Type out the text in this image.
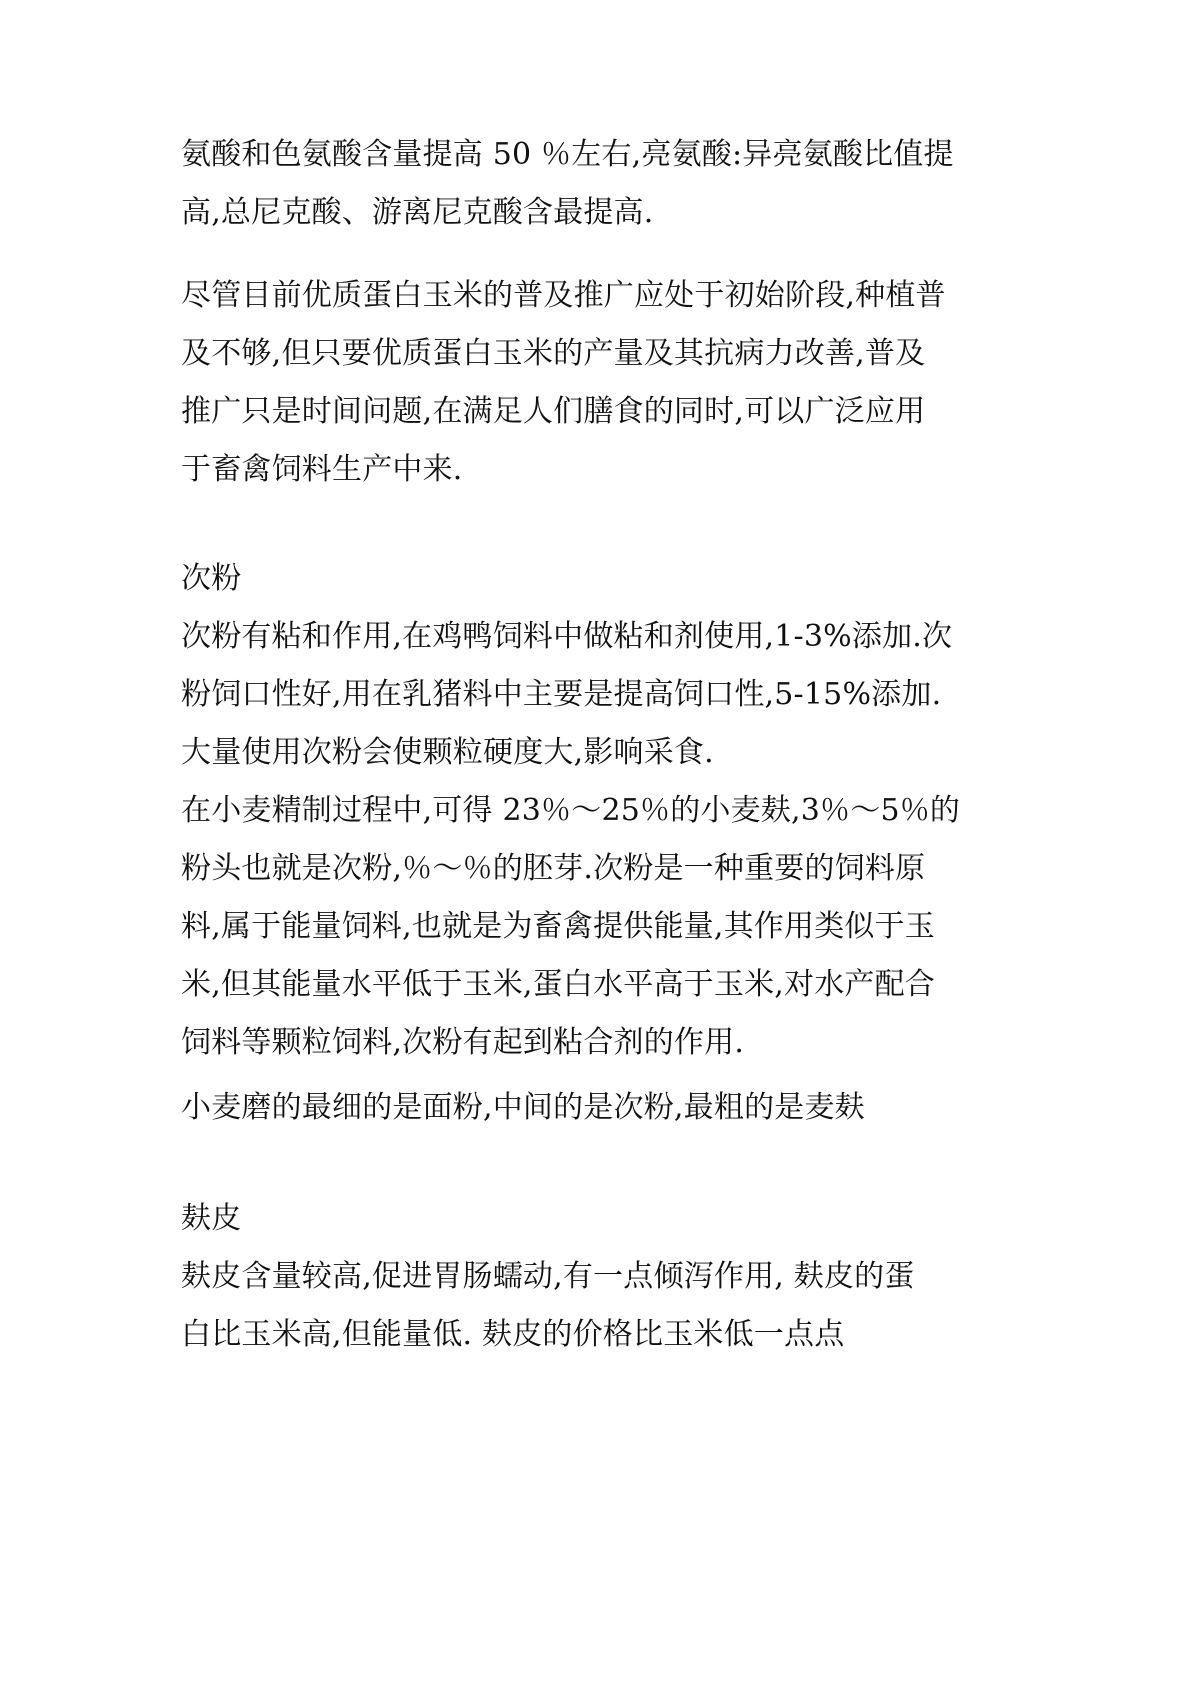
氨酸和色氨酸含量提高 50 ％左右,亮氨酸:异亮氨酸比值提
高,总尼克酸、游离尼克酸含最提高.
尽管目前优质蛋白玉米的普及推广应处于初始阶段,种植普
及不够,但只要优质蛋白玉米的产量及其抗病力改善,普及
推广只是时间问题,在满足人们膳食的同时,可以广泛应用
于畜禽饲料生产中来.
次粉
次粉有粘和作用,在鸡鸭饲料中做粘和剂使用,1-3%添加.次
粉饲口性好,用在乳猪料中主要是提高饲口性,5-15%添加.
大量使用次粉会使颗粒硬度大,影响采食.
在小麦精制过程中,可得 23％～25％的小麦麸,3％～5％的
粉头也就是次粉,％～％的胚芽.次粉是一种重要的饲料原
料,属于能量饲料,也就是为畜禽提供能量,其作用类似于玉
米,但其能量水平低于玉米,蛋白水平高于玉米,对水产配合
饲料等颗粒饲料,次粉有起到粘合剂的作用.
小麦磨的最细的是面粉,中间的是次粉,最粗的是麦麸
麸皮
麸皮含量较高,促进胃肠蠕动,有一点倾泻作用, 麸皮的蛋
白比玉米高,但能量低. 麸皮的价格比玉米低一点点
